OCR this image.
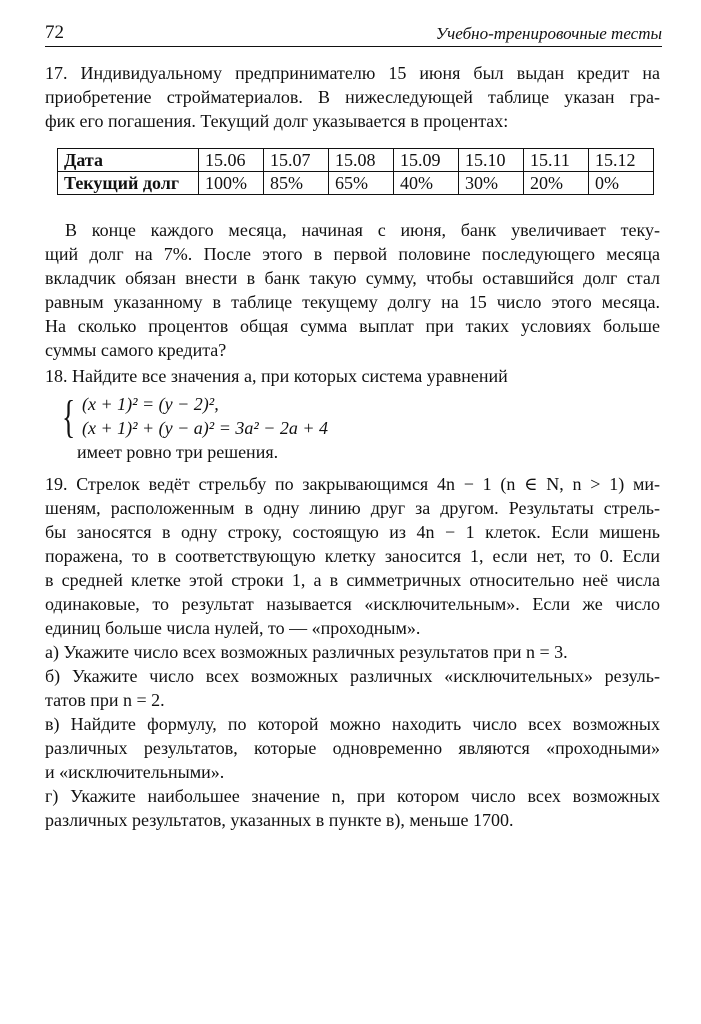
72	Учебно-тренировочные тесты
17. Индивидуальному предпринимателю 15 июня был выдан кредит на
приобретение стройматериалов. В нижеследующей таблице указан гра-
фик его погашения. Текущий долг указывается в процентах:
Дата	15.06	15.07	15.08	15.09	15.10	15.11	15.12
Текущий долг	100%	85%	65%	40%	30%	20%	0%
В конце каждого месяца, начиная с июня, банк увеличивает теку-
щий долг на 7%. После этого в первой половине последующего месяца
вкладчик обязан внести в банк такую сумму, чтобы оставшийся долг стал
равным указанному в таблице текущему долгу на 15 число этого месяца.
На сколько процентов общая сумма выплат при таких условиях больше
суммы самого кредита?
18. Найдите все значения a, при которых система уравнений
{ (x + 1)² = (y − 2)²,
(x + 1)² + (y − a)² = 3a² − 2a + 4
имеет ровно три решения.
19. Стрелок ведёт стрельбу по закрывающимся 4n − 1 (n ∈ N, n > 1) ми-
шеням, расположенным в одну линию друг за другом. Результаты стрель-
бы заносятся в одну строку, состоящую из 4n − 1 клеток. Если мишень
поражена, то в соответствующую клетку заносится 1, если нет, то 0. Если
в средней клетке этой строки 1, а в симметричных относительно неё числа
одинаковые, то результат называется «исключительным». Если же число
единиц больше числа нулей, то — «проходным».
а) Укажите число всех возможных различных результатов при n = 3.
б) Укажите число всех возможных различных «исключительных» резуль-
татов при n = 2.
в) Найдите формулу, по которой можно находить число всех возможных
различных результатов, которые одновременно являются «проходными»
и «исключительными».
г) Укажите наибольшее значение n, при котором число всех возможных
различных результатов, указанных в пункте в), меньше 1700.
